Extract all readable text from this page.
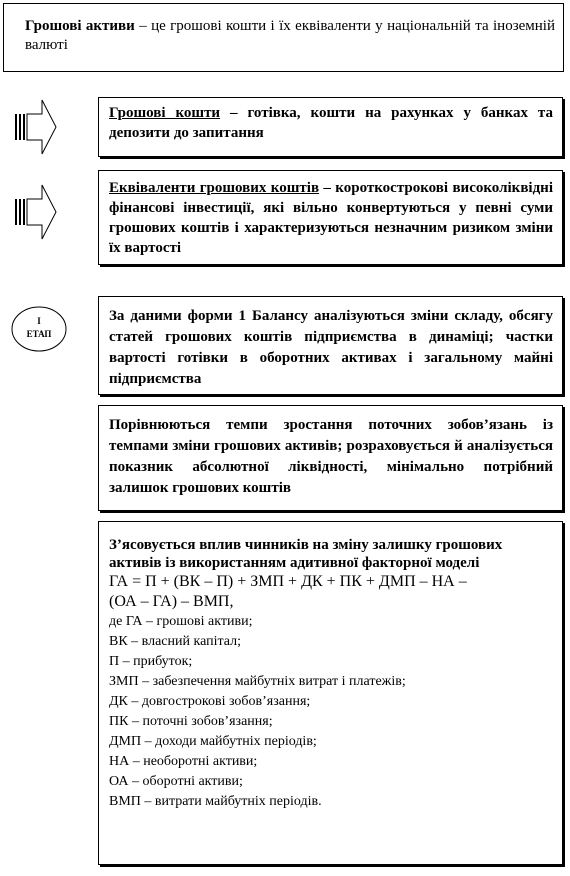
Грошові активи – це грошові кошти і їх еквіваленти у національній та іноземній валюті

Грошові кошти – готівка, кошти на рахунках у банках та депозити до запитання

Еквіваленти грошових коштів – короткострокові високоліквідні фінансові інвестиції, які вільно конвертуються у певні суми грошових коштів і характеризуються незначним ризиком зміни їх вартості

І
ЕТАП

За даними форми 1 Балансу аналізуються зміни складу, обсягу статей грошових коштів підприємства в динаміці; частки вартості готівки в оборотних активах і загальному майні підприємства

Порівнюються темпи зростання поточних зобов’язань із темпами зміни грошових активів; розраховується й аналізується показник абсолютної ліквідності, мінімально потрібний залишок грошових коштів

З’ясовується вплив чинників на зміну залишку грошових активів із використанням адитивної факторної моделі

ГА = П + (ВК – П) + ЗМП + ДК + ПК + ДМП – НА –

(ОА – ГА) – ВМП,

де ГА – грошові активи;

ВК – власний капітал;

П – прибуток;

ЗМП – забезпечення майбутніх витрат і платежів;

ДК – довгострокові зобов’язання;

ПК – поточні зобов’язання;

ДМП – доходи майбутніх періодів;

НА – необоротні активи;

ОА – оборотні активи;

ВМП – витрати майбутніх періодів.
